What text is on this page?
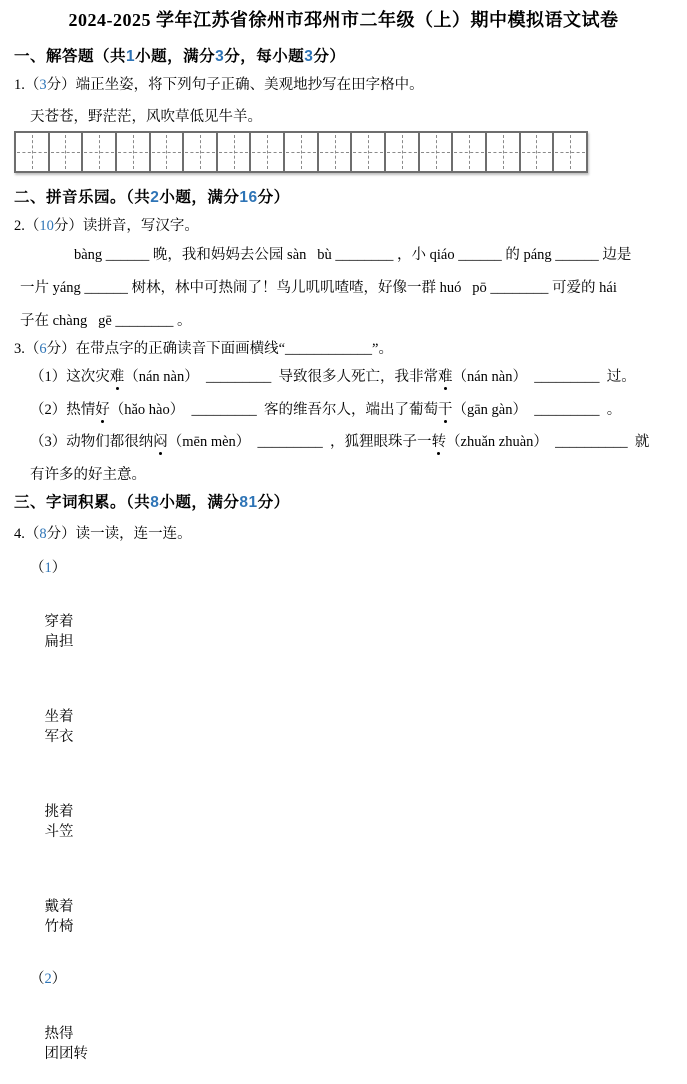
2024-2025 学年江苏省徐州市邳州市二年级（上）期中模拟语文试卷
一、解答题（共1小题，满分3分，每小题3分）
1.（3分）端正坐姿，将下列句子正确、美观地抄写在田字格中。
天苍苍，野茫茫，风吹草低见牛羊。
二、拼音乐园。（共2小题，满分16分）
2.（10分）读拼音，写汉字。
bàng ______ 晚，我和妈妈去公园 sàn   bù ________ ，小 qiáo ______ 的 páng ______ 边是
一片 yáng ______ 树林，林中可热闹了！鸟儿叽叽喳喳，好像一群 huó   pō ________ 可爱的 hái
子在 chàng   gē ________ 。
3.（6分）在带点字的正确读音下面画横线“____________”。
（1）这次灾难（nán nàn）  _________  导致很多人死亡，我非常难（nán nàn）  _________  过。
（2）热情好（hǎo hào）  _________  客的维吾尔人，端出了葡萄干（gān gàn）  _________  。
（3）动物们都很纳闷（mēn mèn）  _________  ，狐狸眼珠子一转（zhuǎn zhuàn）  __________  就
有许多的好主意。
三、字词积累。（共8小题，满分81分）
4.（8分）读一读，连一连。
（1）

穿着
扁担

坐着
军衣

挑着
斗笠

戴着
竹椅

（2）

热得
团团转
